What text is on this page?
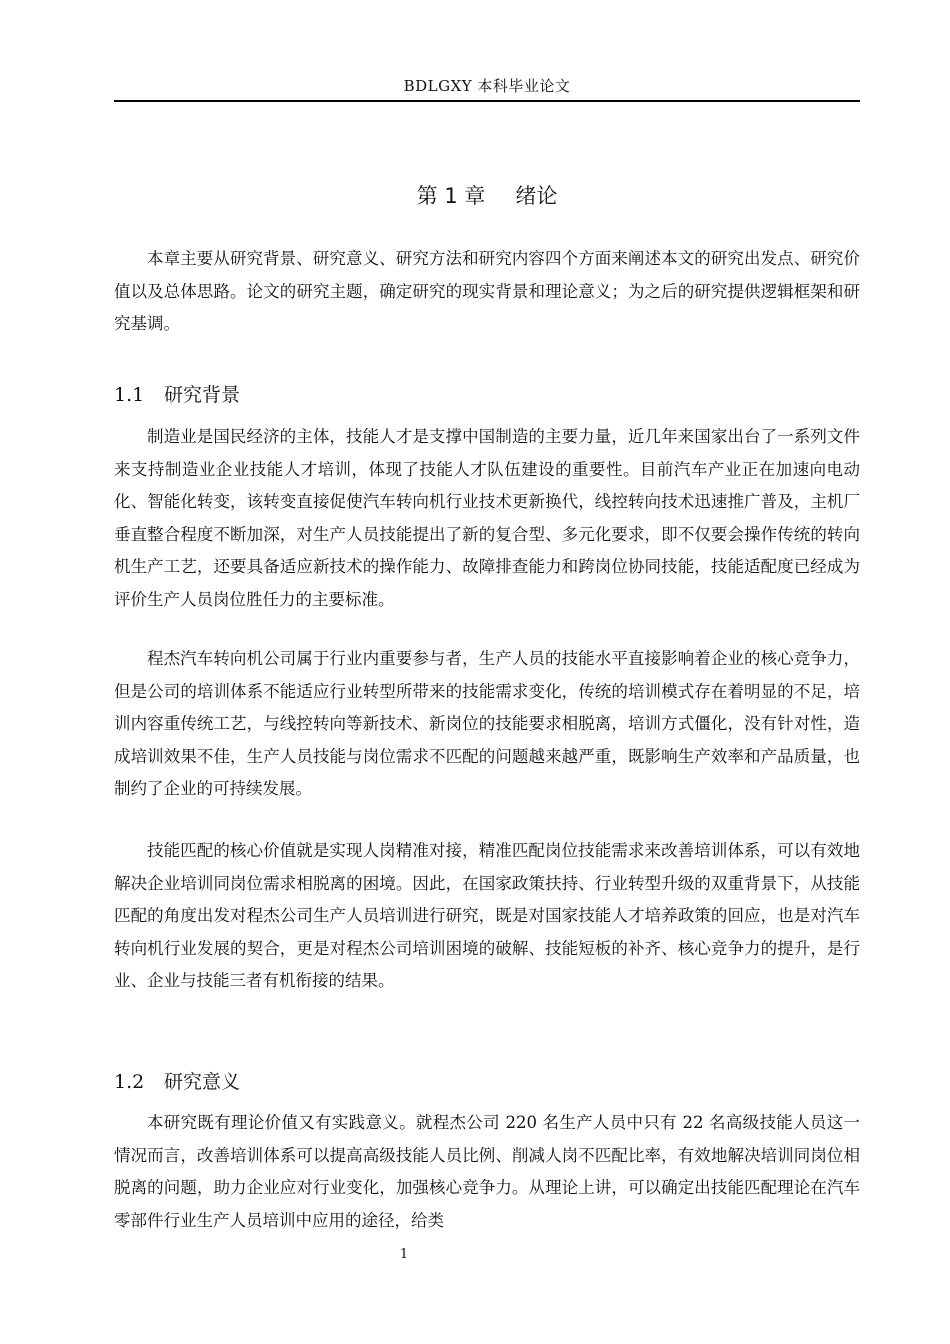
BDLGXY 本科毕业论文
第 1 章 绪论

本章主要从研究背景、研究意义、研究方法和研究内容四个方面来阐述本文的研究出发点、研究价值以及总体思路。论文的研究主题，确定研究的现实背景和理论意义；为之后的研究提供逻辑框架和研究基调。

1.1 研究背景

制造业是国民经济的主体，技能人才是支撑中国制造的主要力量，近几年来国家出台了一系列文件来支持制造业企业技能人才培训，体现了技能人才队伍建设的重要性。目前汽车产业正在加速向电动化、智能化转变，该转变直接促使汽车转向机行业技术更新换代，线控转向技术迅速推广普及，主机厂垂直整合程度不断加深，对生产人员技能提出了新的复合型、多元化要求，即不仅要会操作传统的转向机生产工艺，还要具备适应新技术的操作能力、故障排查能力和跨岗位协同技能，技能适配度已经成为评价生产人员岗位胜任力的主要标准。

程杰汽车转向机公司属于行业内重要参与者，生产人员的技能水平直接影响着企业的核心竞争力，但是公司的培训体系不能适应行业转型所带来的技能需求变化，传统的培训模式存在着明显的不足，培训内容重传统工艺，与线控转向等新技术、新岗位的技能要求相脱离，培训方式僵化，没有针对性，造成培训效果不佳，生产人员技能与岗位需求不匹配的问题越来越严重，既影响生产效率和产品质量，也制约了企业的可持续发展。

技能匹配的核心价值就是实现人岗精准对接，精准匹配岗位技能需求来改善培训体系，可以有效地解决企业培训同岗位需求相脱离的困境。因此，在国家政策扶持、行业转型升级的双重背景下，从技能匹配的角度出发对程杰公司生产人员培训进行研究，既是对国家技能人才培养政策的回应，也是对汽车转向机行业发展的契合，更是对程杰公司培训困境的破解、技能短板的补齐、核心竞争力的提升，是行业、企业与技能三者有机衔接的结果。

1.2 研究意义

本研究既有理论价值又有实践意义。就程杰公司 220 名生产人员中只有 22 名高级技能人员这一情况而言，改善培训体系可以提高高级技能人员比例、削减人岗不匹配比率，有效地解决培训同岗位相脱离的问题，助力企业应对行业变化，加强核心竞争力。从理论上讲，可以确定出技能匹配理论在汽车零部件行业生产人员培训中应用的途径，给类

1
